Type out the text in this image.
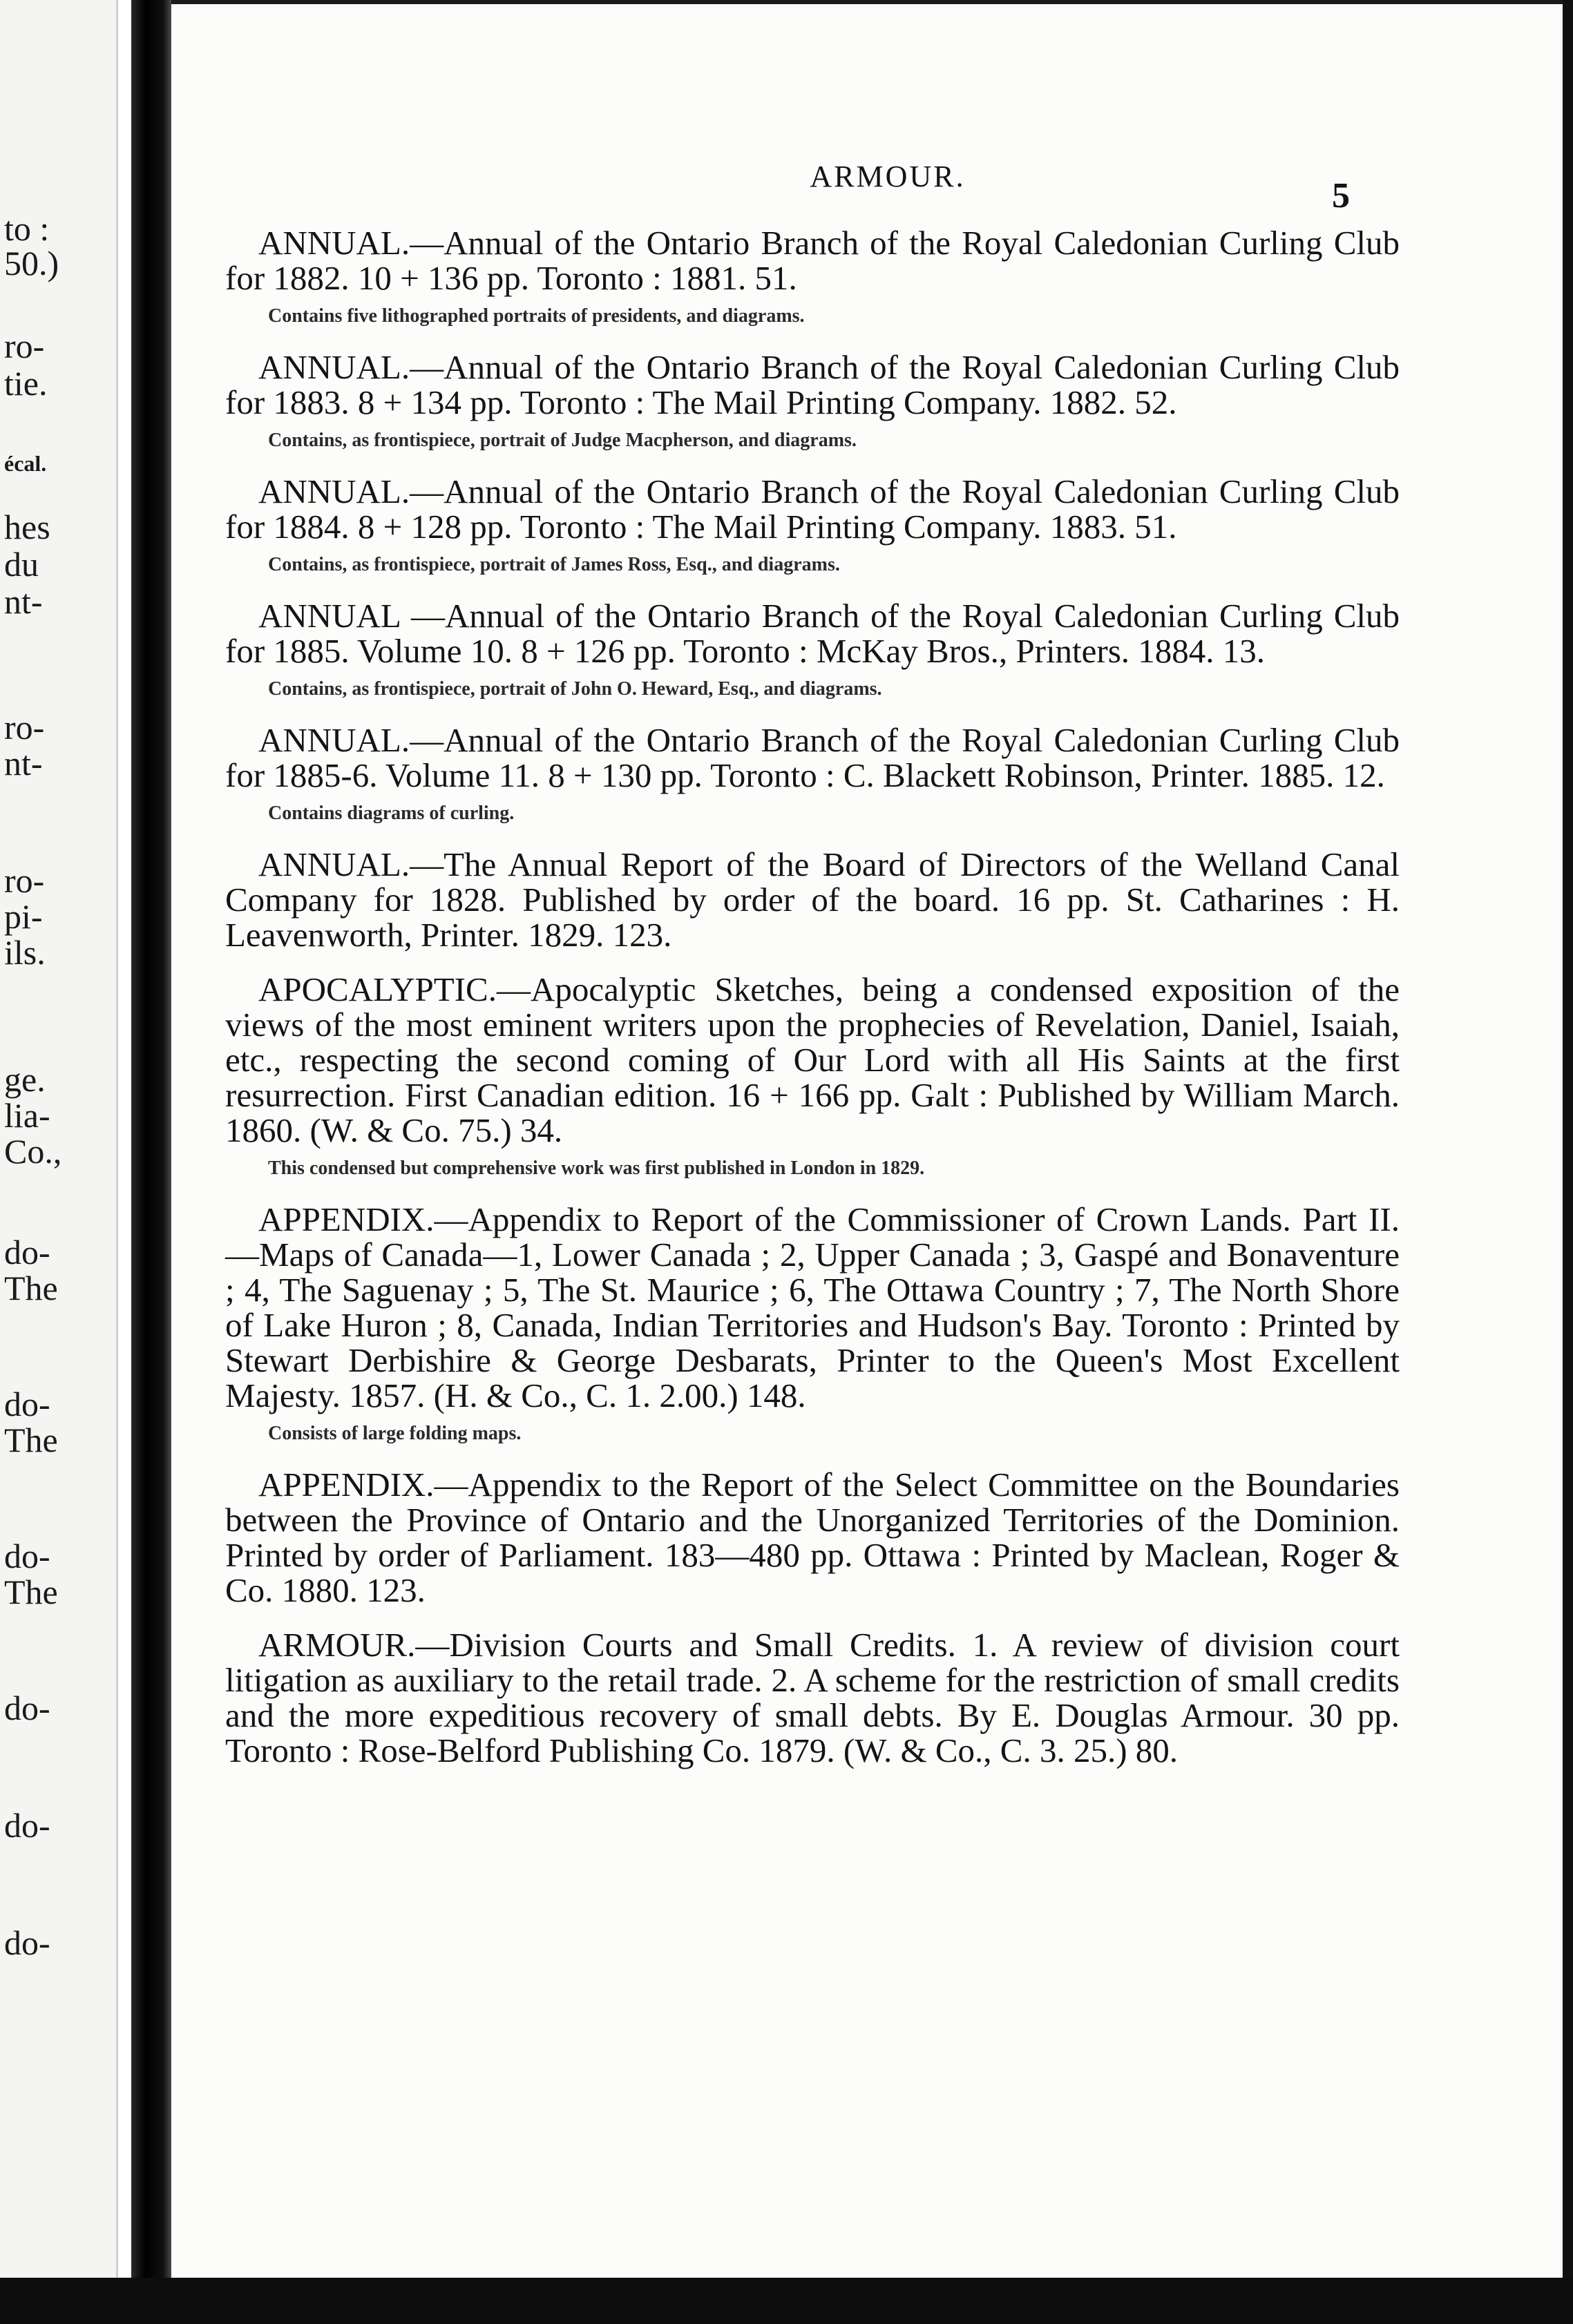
to :
50.)
ro-
tie.
écal.
hes
du
nt-
ro-
nt-
ro-
pi-
ils.
ge.
lia-
Co.,
do-
The
do-
The
do-
The
do-
do-
do-
ARMOUR.	5

ANNUAL.—Annual of the Ontario Branch of the Royal Caledonian Curling Club for 1882. 10 + 136 pp. Toronto : 1881. 51.

Contains five lithographed portraits of presidents, and diagrams.

ANNUAL.—Annual of the Ontario Branch of the Royal Caledonian Curling Club for 1883. 8 + 134 pp. Toronto : The Mail Printing Company. 1882. 52.

Contains, as frontispiece, portrait of Judge Macpherson, and diagrams.

ANNUAL.—Annual of the Ontario Branch of the Royal Caledonian Curling Club for 1884. 8 + 128 pp. Toronto : The Mail Printing Company. 1883. 51.

Contains, as frontispiece, portrait of James Ross, Esq., and diagrams.

ANNUAL —Annual of the Ontario Branch of the Royal Caledonian Curling Club for 1885. Volume 10. 8 + 126 pp. Toronto : McKay Bros., Printers. 1884. 13.

Contains, as frontispiece, portrait of John O. Heward, Esq., and diagrams.

ANNUAL.—Annual of the Ontario Branch of the Royal Caledonian Curling Club for 1885-6. Volume 11. 8 + 130 pp. Toronto : C. Blackett Robinson, Printer. 1885. 12.

Contains diagrams of curling.

ANNUAL.—The Annual Report of the Board of Directors of the Welland Canal Company for 1828. Published by order of the board. 16 pp. St. Catharines : H. Leavenworth, Printer. 1829. 123.

APOCALYPTIC.—Apocalyptic Sketches, being a condensed exposition of the views of the most eminent writers upon the prophecies of Revelation, Daniel, Isaiah, etc., respecting the second coming of Our Lord with all His Saints at the first resurrection. First Canadian edition. 16 + 166 pp. Galt : Published by William March. 1860. (W. & Co. 75.) 34.

This condensed but comprehensive work was first published in London in 1829.

APPENDIX.—Appendix to Report of the Commissioner of Crown Lands. Part II.—Maps of Canada—1, Lower Canada ; 2, Upper Canada ; 3, Gaspé and Bonaventure ; 4, The Saguenay ; 5, The St. Maurice ; 6, The Ottawa Country ; 7, The North Shore of Lake Huron ; 8, Canada, Indian Territories and Hudson's Bay. Toronto : Printed by Stewart Derbishire & George Desbarats, Printer to the Queen's Most Excellent Majesty. 1857. (H. & Co., C. 1. 2.00.) 148.

Consists of large folding maps.

APPENDIX.—Appendix to the Report of the Select Committee on the Boundaries between the Province of Ontario and the Unorganized Territories of the Dominion. Printed by order of Parliament. 183—480 pp. Ottawa : Printed by Maclean, Roger & Co. 1880. 123.

ARMOUR.—Division Courts and Small Credits. 1. A review of division court litigation as auxiliary to the retail trade. 2. A scheme for the restriction of small credits and the more expeditious recovery of small debts. By E. Douglas Armour. 30 pp. Toronto : Rose-Belford Publishing Co. 1879. (W. & Co., C. 3. 25.) 80.
